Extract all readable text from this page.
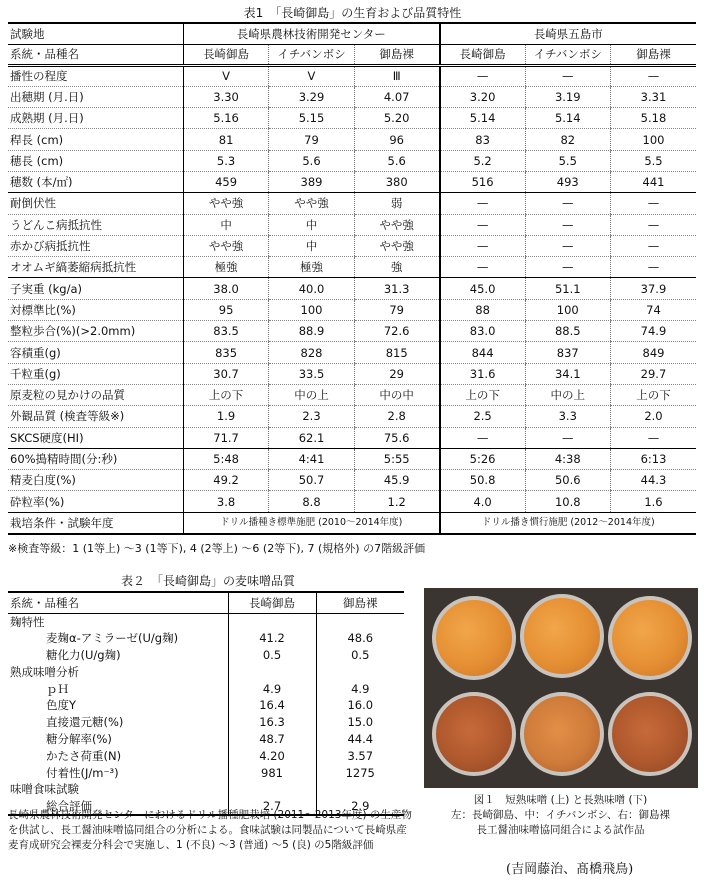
表1　「長崎御島」の生育および品質特性
試験地	長崎県農林技術開発センター			長崎県五島市		
系統・品種名	長崎御島	イチバンボシ	御島裸	長崎御島	イチバンボシ	御島裸
播性の程度	Ⅴ	Ⅴ	Ⅲ	—	—	—
出穂期 (月.日)	3.30	3.29	4.07	3.20	3.19	3.31
成熟期 (月.日)	5.16	5.15	5.20	5.14	5.14	5.18
稈長 (cm)	81	79	96	83	82	100
穂長 (cm)	5.3	5.6	5.6	5.2	5.5	5.5
穂数 (本/㎡)	459	389	380	516	493	441
耐倒伏性	やや強	やや強	弱	—	—	—
うどんこ病抵抗性	中	中	やや強	—	—	—
赤かび病抵抗性	やや強	中	やや強	—	—	—
オオムギ縞萎縮病抵抗性	極強	極強	強	—	—	—
子実重 (kg/a)	38.0	40.0	31.3	45.0	51.1	37.9
対標準比(%)	95	100	79	88	100	74
整粒歩合(%)(>2.0mm)	83.5	88.9	72.6	83.0	88.5	74.9
容積重(g)	835	828	815	844	837	849
千粒重(g)	30.7	33.5	29	31.6	34.1	29.7
原麦粒の見かけの品質	上の下	中の上	中の中	上の下	中の上	上の下
外観品質 (検査等級※)	1.9	2.3	2.8	2.5	3.3	2.0
SKCS硬度(HI)	71.7	62.1	75.6	—	—	—
60%搗精時間(分:秒)	5:48	4:41	5:55	5:26	4:38	6:13
精麦白度(%)	49.2	50.7	45.9	50.8	50.6	44.3
砕粒率(%)	3.8	8.8	1.2	4.0	10.8	1.6
栽培条件・試験年度	ドリル播種き標準施肥 (2010～2014年度)			ドリル播き慣行施肥 (2012～2014年度)		
※検査等級：1 (1等上) ～3 (1等下), 4 (2等上) ～6 (2等下), 7 (規格外) の7階級評価
表２　「長崎御島」の麦味噌品質
系統・品種名	長崎御島	御島裸
麹特性		
麦麹α-アミラーゼ(U/g麹)	41.2	48.6
糖化力(U/g麹)	0.5	0.5
熟成味噌分析		
ｐＨ	4.9	4.9
色度Y	16.4	16.0
直接還元糖(%)	16.3	15.0
糖分解率(%)	48.7	44.4
かたさ荷重(N)	4.20	3.57
付着性(J/m⁻³)	981	1275
味噌食味試験		
総合評価	2.7	2.9
長崎県農林技術開発センターにおけるドリル播種肥栽培 (2011～2013年度) の生産物を供試し、長工醤油味噌協同組合の分析による。食味試験は同製品について長崎県産麦育成研究会裸麦分科会で実施し、1 (不良) ～3 (普通) ～5 (良) の5階級評価
図１　短熟味噌 (上) と長熟味噌 (下)
左：長崎御島、中：イチバンボシ、右：御島裸
長工醤油味噌協同組合による試作品
(吉岡藤治、髙橋飛鳥)
